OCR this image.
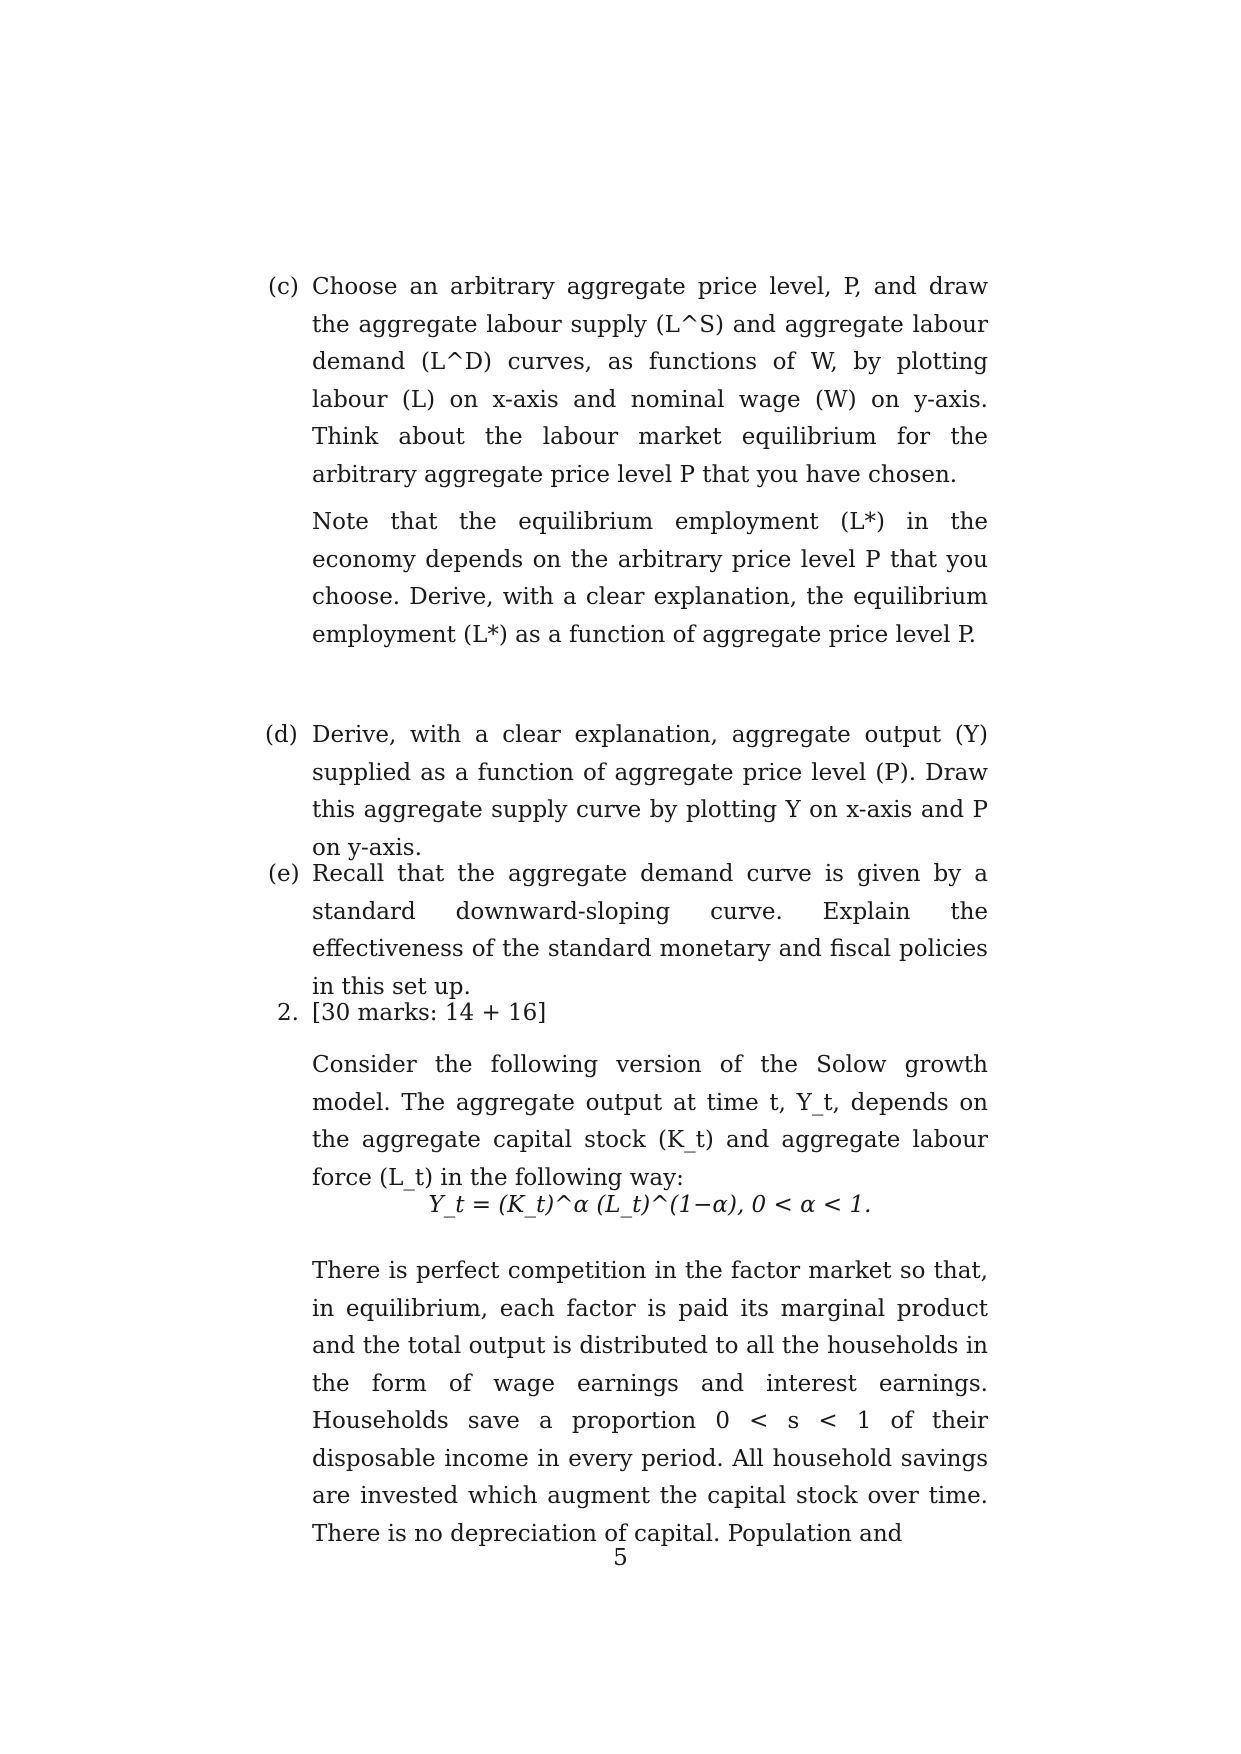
(c) Choose an arbitrary aggregate price level, P, and draw the aggregate labour supply (L^S) and aggregate labour demand (L^D) curves, as functions of W, by plotting labour (L) on x-axis and nominal wage (W) on y-axis. Think about the labour market equilibrium for the arbitrary aggregate price level P that you have chosen.

Note that the equilibrium employment (L*) in the economy depends on the arbitrary price level P that you choose. Derive, with a clear explanation, the equilibrium employment (L*) as a function of aggregate price level P.

(d) Derive, with a clear explanation, aggregate output (Y) supplied as a function of aggregate price level (P). Draw this aggregate supply curve by plotting Y on x-axis and P on y-axis.

(e) Recall that the aggregate demand curve is given by a standard downward-sloping curve. Explain the effectiveness of the standard monetary and fiscal policies in this set up.

2. [30 marks: 14 + 16]

Consider the following version of the Solow growth model. The aggregate output at time t, Y_t, depends on the aggregate capital stock (K_t) and aggregate labour force (L_t) in the following way:

Y_t = (K_t)^α (L_t)^(1−α), 0 < α < 1.

There is perfect competition in the factor market so that, in equilibrium, each factor is paid its marginal product and the total output is distributed to all the households in the form of wage earnings and interest earnings. Households save a proportion 0 < s < 1 of their disposable income in every period. All household savings are invested which augment the capital stock over time. There is no depreciation of capital. Population and

5
